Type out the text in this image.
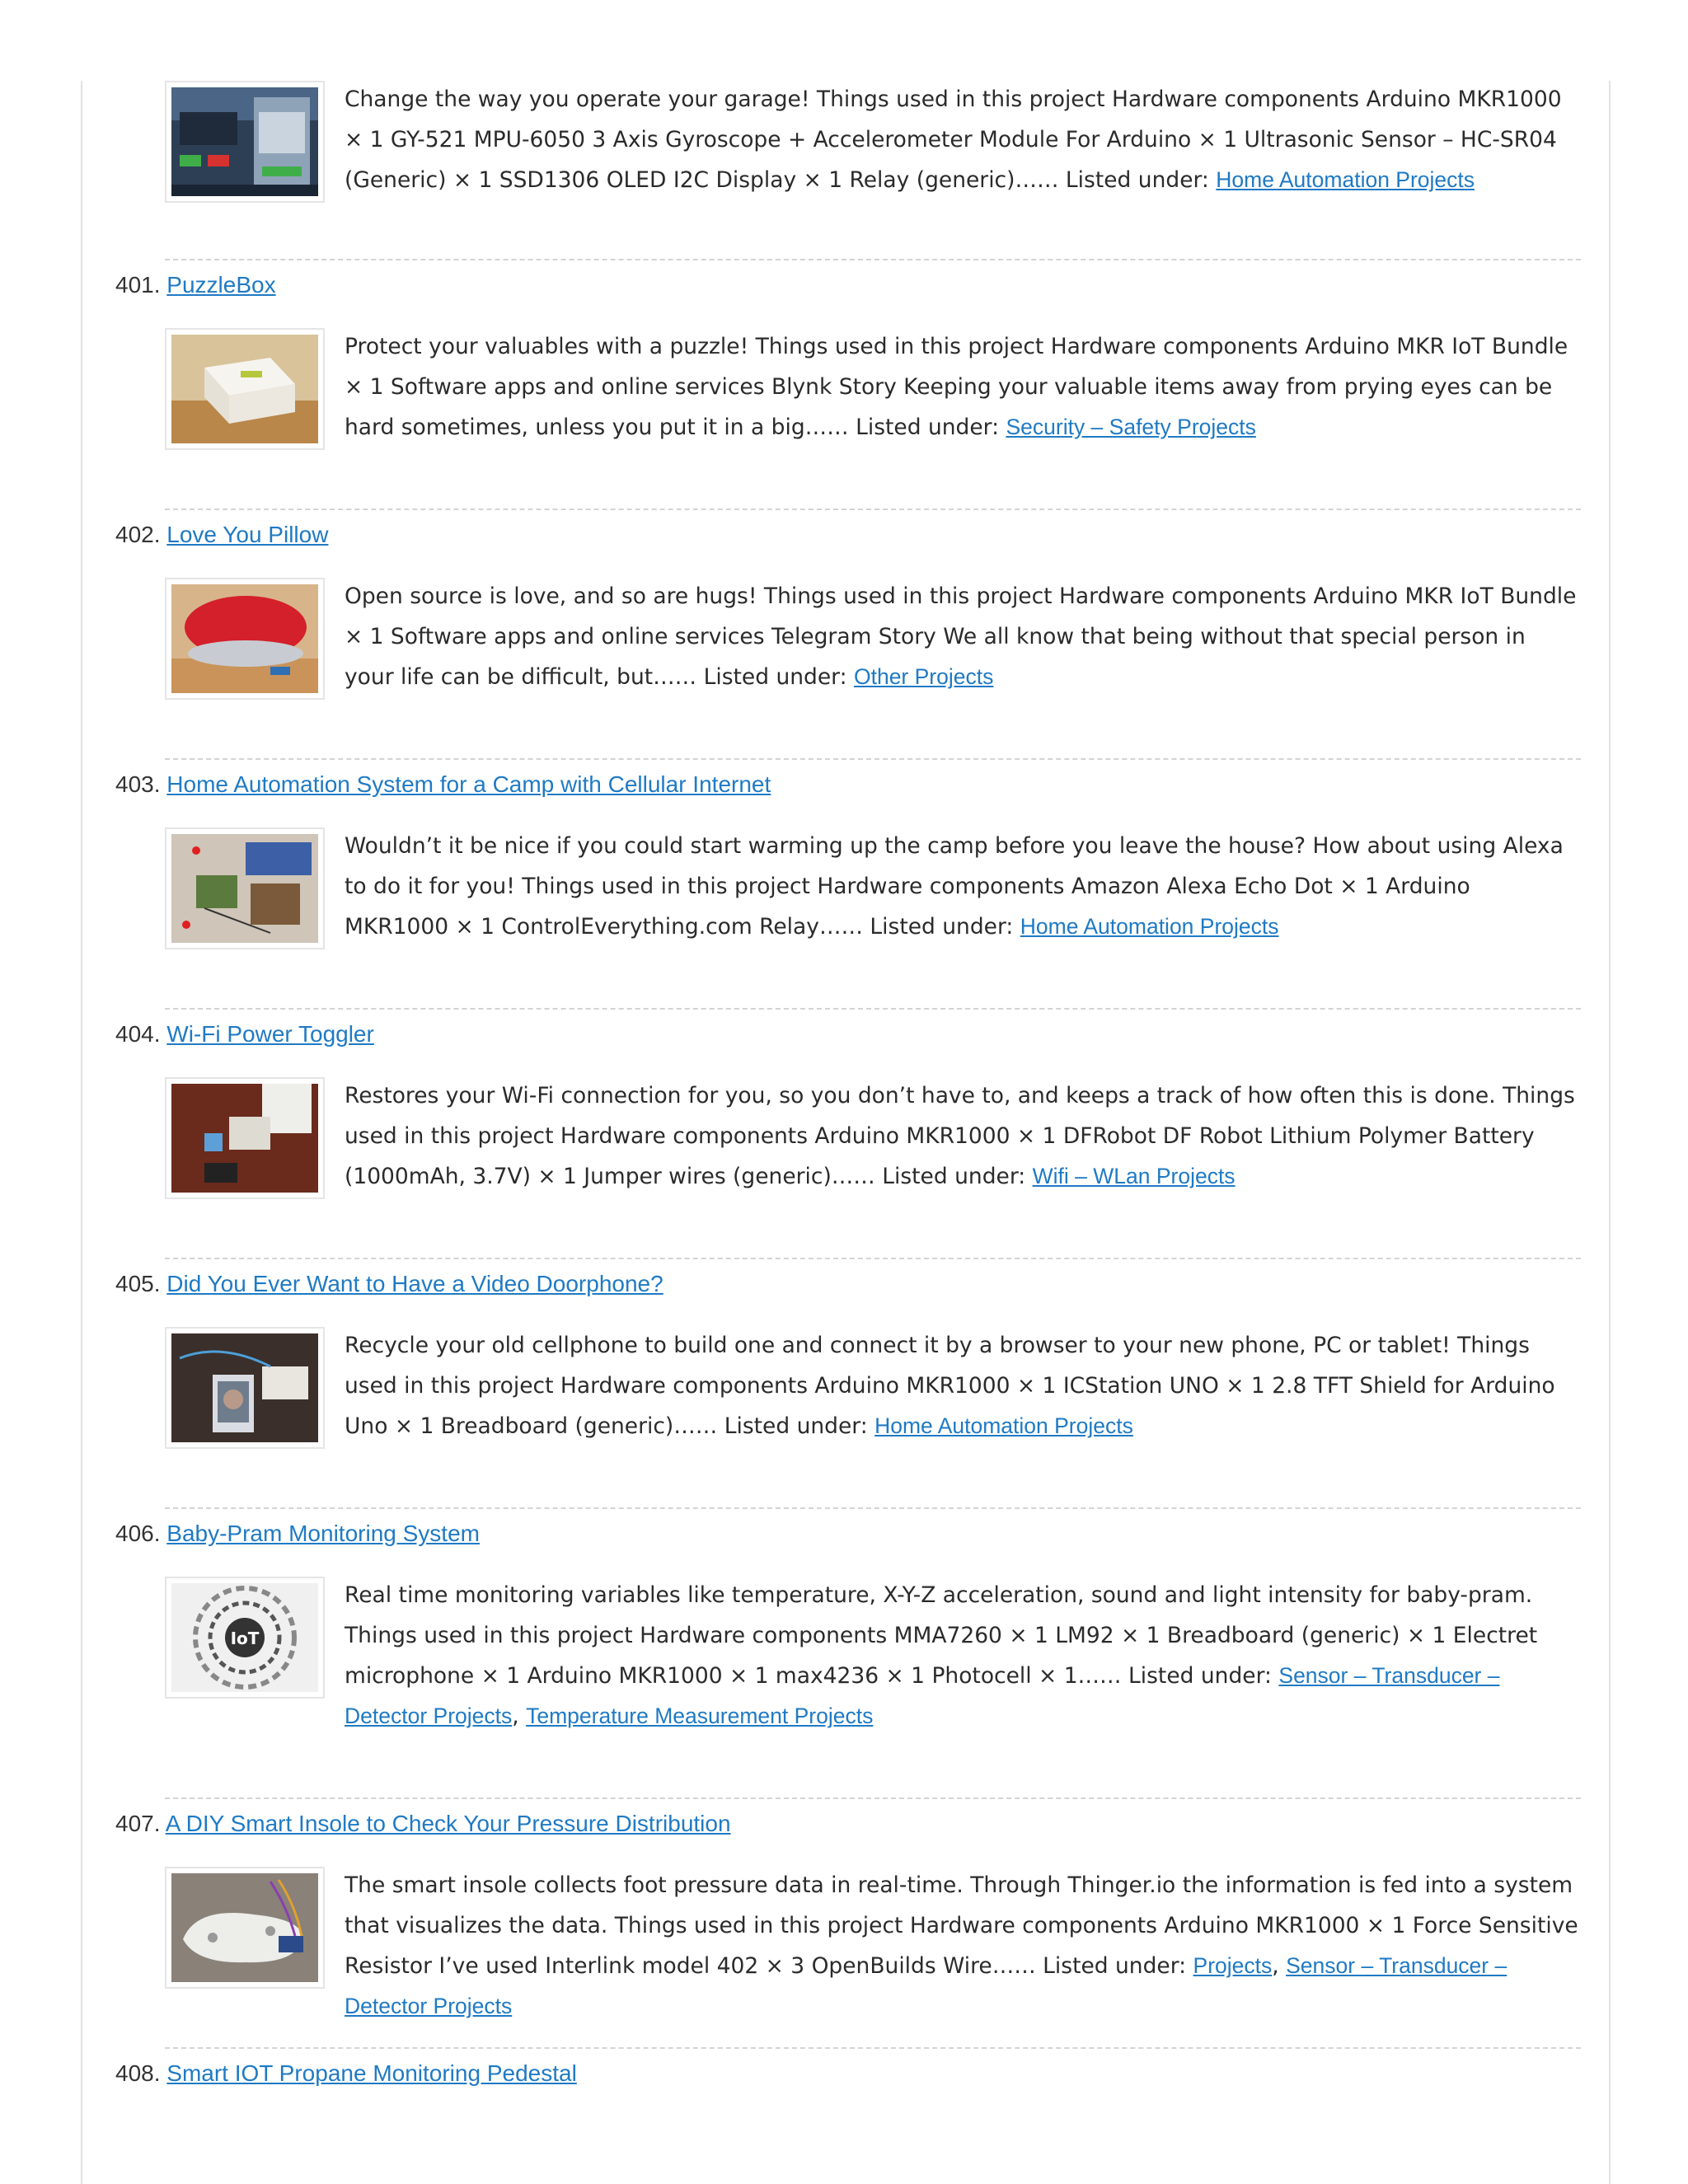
Change the way you operate your garage! Things used in this project Hardware components Arduino MKR1000 × 1 GY-521 MPU-6050 3 Axis Gyroscope + Accelerometer Module For Arduino × 1 Ultrasonic Sensor – HC-SR04 (Generic) × 1 SSD1306 OLED I2C Display × 1 Relay (generic)…… Listed under: Home Automation Projects
401. PuzzleBox
Protect your valuables with a puzzle! Things used in this project Hardware components Arduino MKR IoT Bundle × 1 Software apps and online services Blynk Story Keeping your valuable items away from prying eyes can be hard sometimes, unless you put it in a big…… Listed under: Security – Safety Projects
402. Love You Pillow
Open source is love, and so are hugs! Things used in this project Hardware components Arduino MKR IoT Bundle × 1 Software apps and online services Telegram Story We all know that being without that special person in your life can be difficult, but…… Listed under: Other Projects
403. Home Automation System for a Camp with Cellular Internet
Wouldn’t it be nice if you could start warming up the camp before you leave the house? How about using Alexa to do it for you! Things used in this project Hardware components Amazon Alexa Echo Dot × 1 Arduino MKR1000 × 1 ControlEverything.com Relay…… Listed under: Home Automation Projects
404. Wi-Fi Power Toggler
Restores your Wi-Fi connection for you, so you don’t have to, and keeps a track of how often this is done. Things used in this project Hardware components Arduino MKR1000 × 1 DFRobot DF Robot Lithium Polymer Battery (1000mAh, 3.7V) × 1 Jumper wires (generic)…… Listed under: Wifi – WLan Projects
405. Did You Ever Want to Have a Video Doorphone?
Recycle your old cellphone to build one and connect it by a browser to your new phone, PC or tablet! Things used in this project Hardware components Arduino MKR1000 × 1 ICStation UNO × 1 2.8 TFT Shield for Arduino Uno × 1 Breadboard (generic)…… Listed under: Home Automation Projects
406. Baby-Pram Monitoring System
IoT
Real time monitoring variables like temperature, X-Y-Z acceleration, sound and light intensity for baby-pram. Things used in this project Hardware components MMA7260 × 1 LM92 × 1 Breadboard (generic) × 1 Electret microphone × 1 Arduino MKR1000 × 1 max4236 × 1 Photocell × 1…… Listed under: Sensor – Transducer – Detector Projects, Temperature Measurement Projects
407. A DIY Smart Insole to Check Your Pressure Distribution
The smart insole collects foot pressure data in real-time. Through Thinger.io the information is fed into a system that visualizes the data. Things used in this project Hardware components Arduino MKR1000 × 1 Force Sensitive Resistor I’ve used Interlink model 402 × 3 OpenBuilds Wire…… Listed under: Projects, Sensor – Transducer – Detector Projects
408. Smart IOT Propane Monitoring Pedestal
